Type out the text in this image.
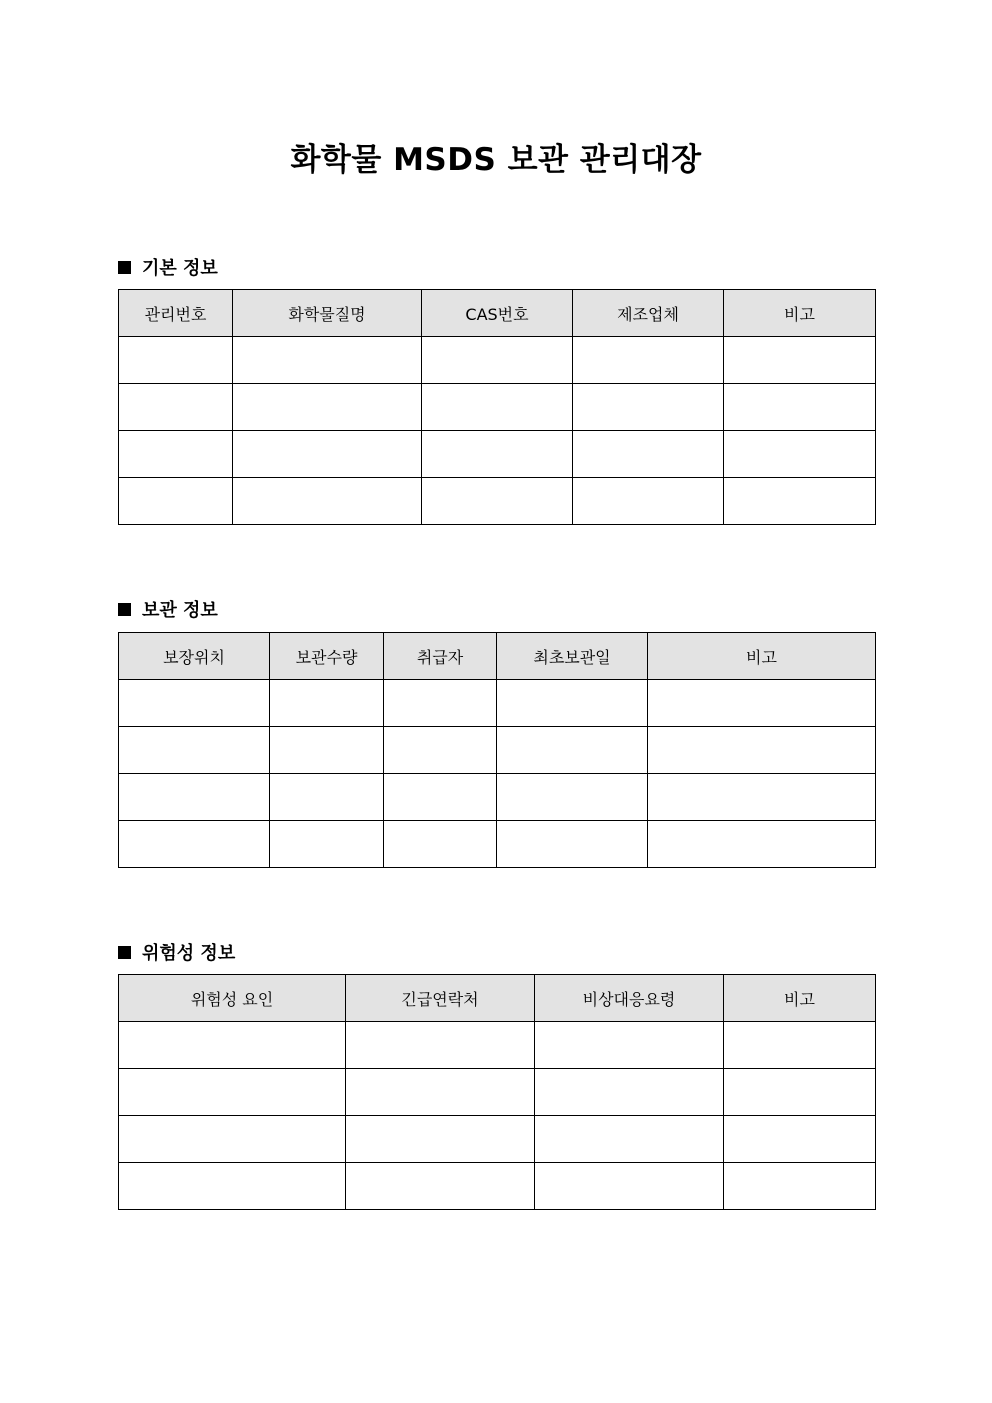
화학물 MSDS 보관 관리대장
기본 정보
관리번호	화학물질명	CAS번호	제조업체	비고

보관 정보
보장위치	보관수량	취급자	최초보관일	비고

위험성 정보
위험성 요인	긴급연락처	비상대응요령	비고
